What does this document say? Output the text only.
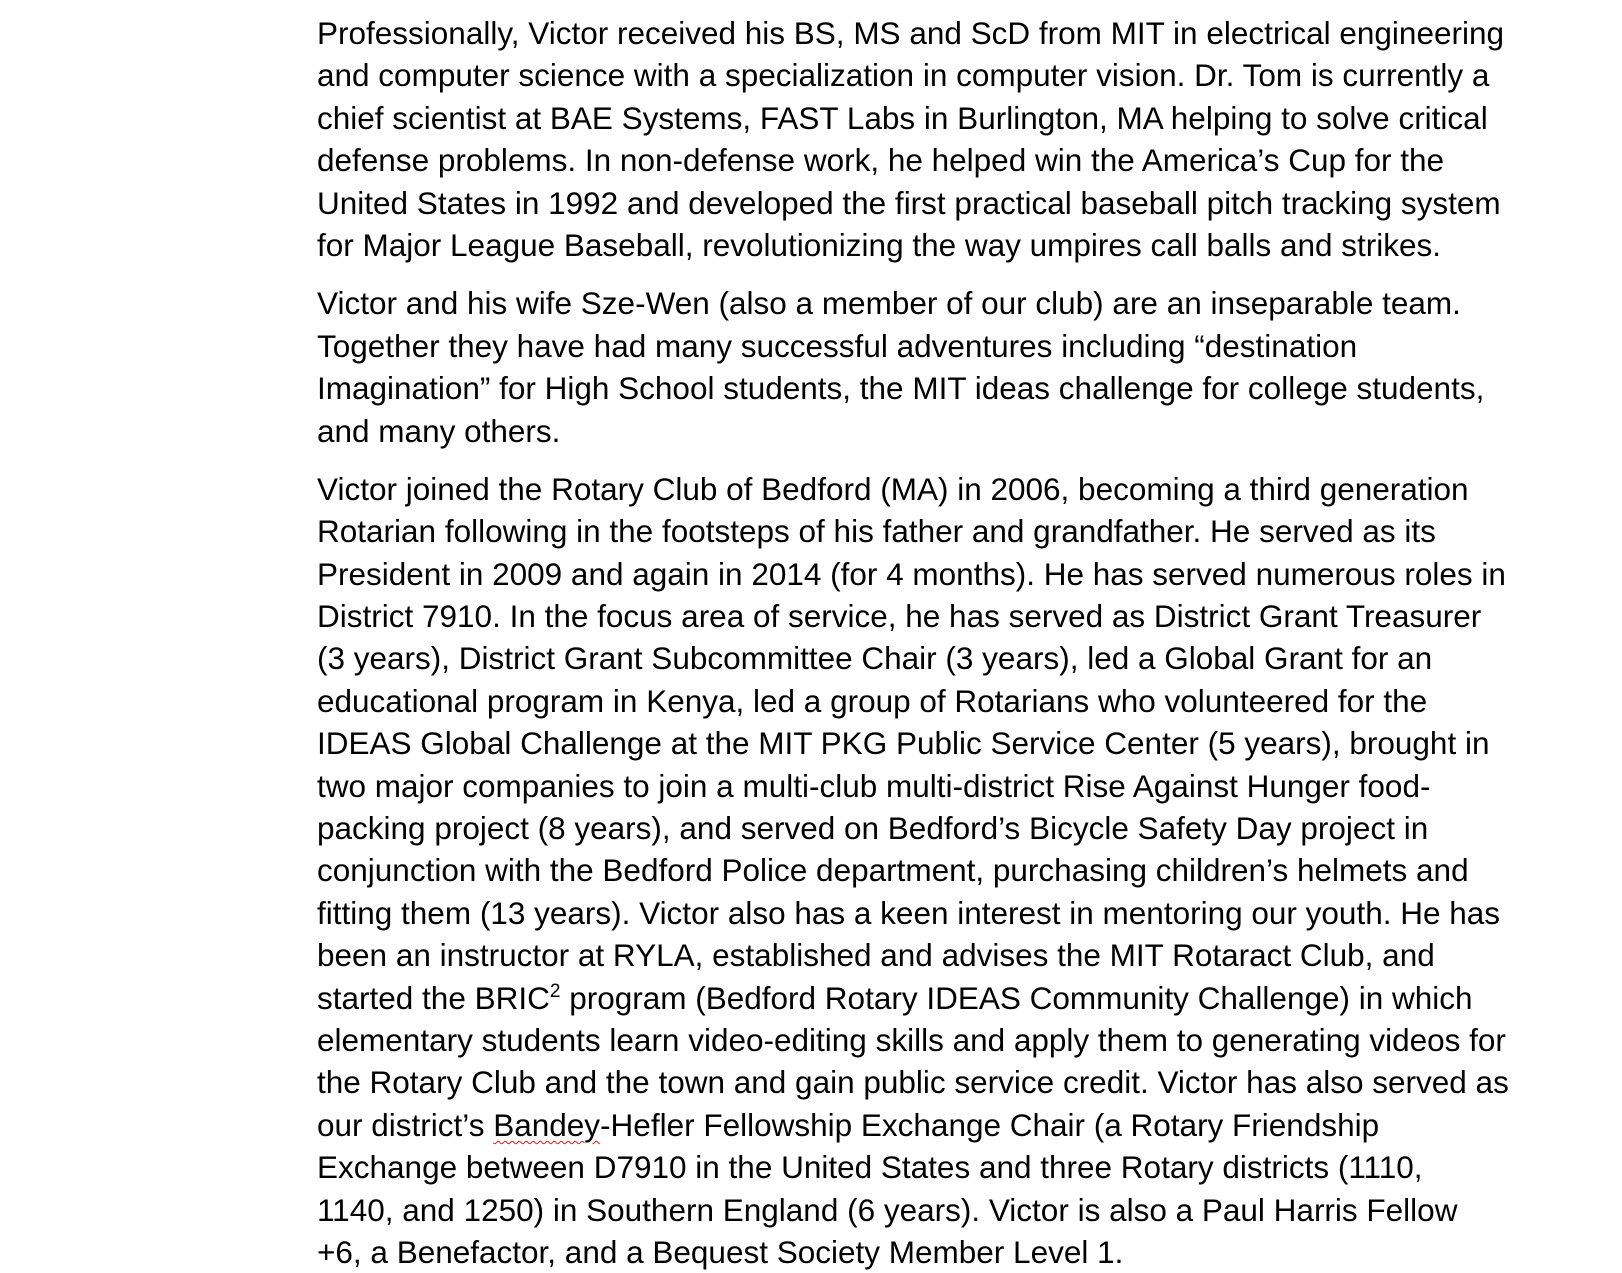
Professionally, Victor received his BS, MS and ScD from MIT in electrical engineering
and computer science with a specialization in computer vision. Dr. Tom is currently a
chief scientist at BAE Systems, FAST Labs in Burlington, MA helping to solve critical
defense problems. In non-defense work, he helped win the America’s Cup for the
United States in 1992 and developed the first practical baseball pitch tracking system
for Major League Baseball, revolutionizing the way umpires call balls and strikes.
Victor and his wife Sze-Wen (also a member of our club) are an inseparable team.
Together they have had many successful adventures including “destination
Imagination” for High School students, the MIT ideas challenge for college students,
and many others.
Victor joined the Rotary Club of Bedford (MA) in 2006, becoming a third generation
Rotarian following in the footsteps of his father and grandfather. He served as its
President in 2009 and again in 2014 (for 4 months). He has served numerous roles in
District 7910. In the focus area of service, he has served as District Grant Treasurer
(3 years), District Grant Subcommittee Chair (3 years), led a Global Grant for an
educational program in Kenya, led a group of Rotarians who volunteered for the
IDEAS Global Challenge at the MIT PKG Public Service Center (5 years), brought in
two major companies to join a multi-club multi-district Rise Against Hunger food-
packing project (8 years), and served on Bedford’s Bicycle Safety Day project in
conjunction with the Bedford Police department, purchasing children’s helmets and
fitting them (13 years). Victor also has a keen interest in mentoring our youth. He has
been an instructor at RYLA, established and advises the MIT Rotaract Club, and
started the BRIC$^2$ program (Bedford Rotary IDEAS Community Challenge) in which
elementary students learn video-editing skills and apply them to generating videos for
the Rotary Club and the town and gain public service credit. Victor has also served as
our district’s Bandey-Hefler Fellowship Exchange Chair (a Rotary Friendship
Exchange between D7910 in the United States and three Rotary districts (1110,
1140, and 1250) in Southern England (6 years). Victor is also a Paul Harris Fellow
+6, a Benefactor, and a Bequest Society Member Level 1.
